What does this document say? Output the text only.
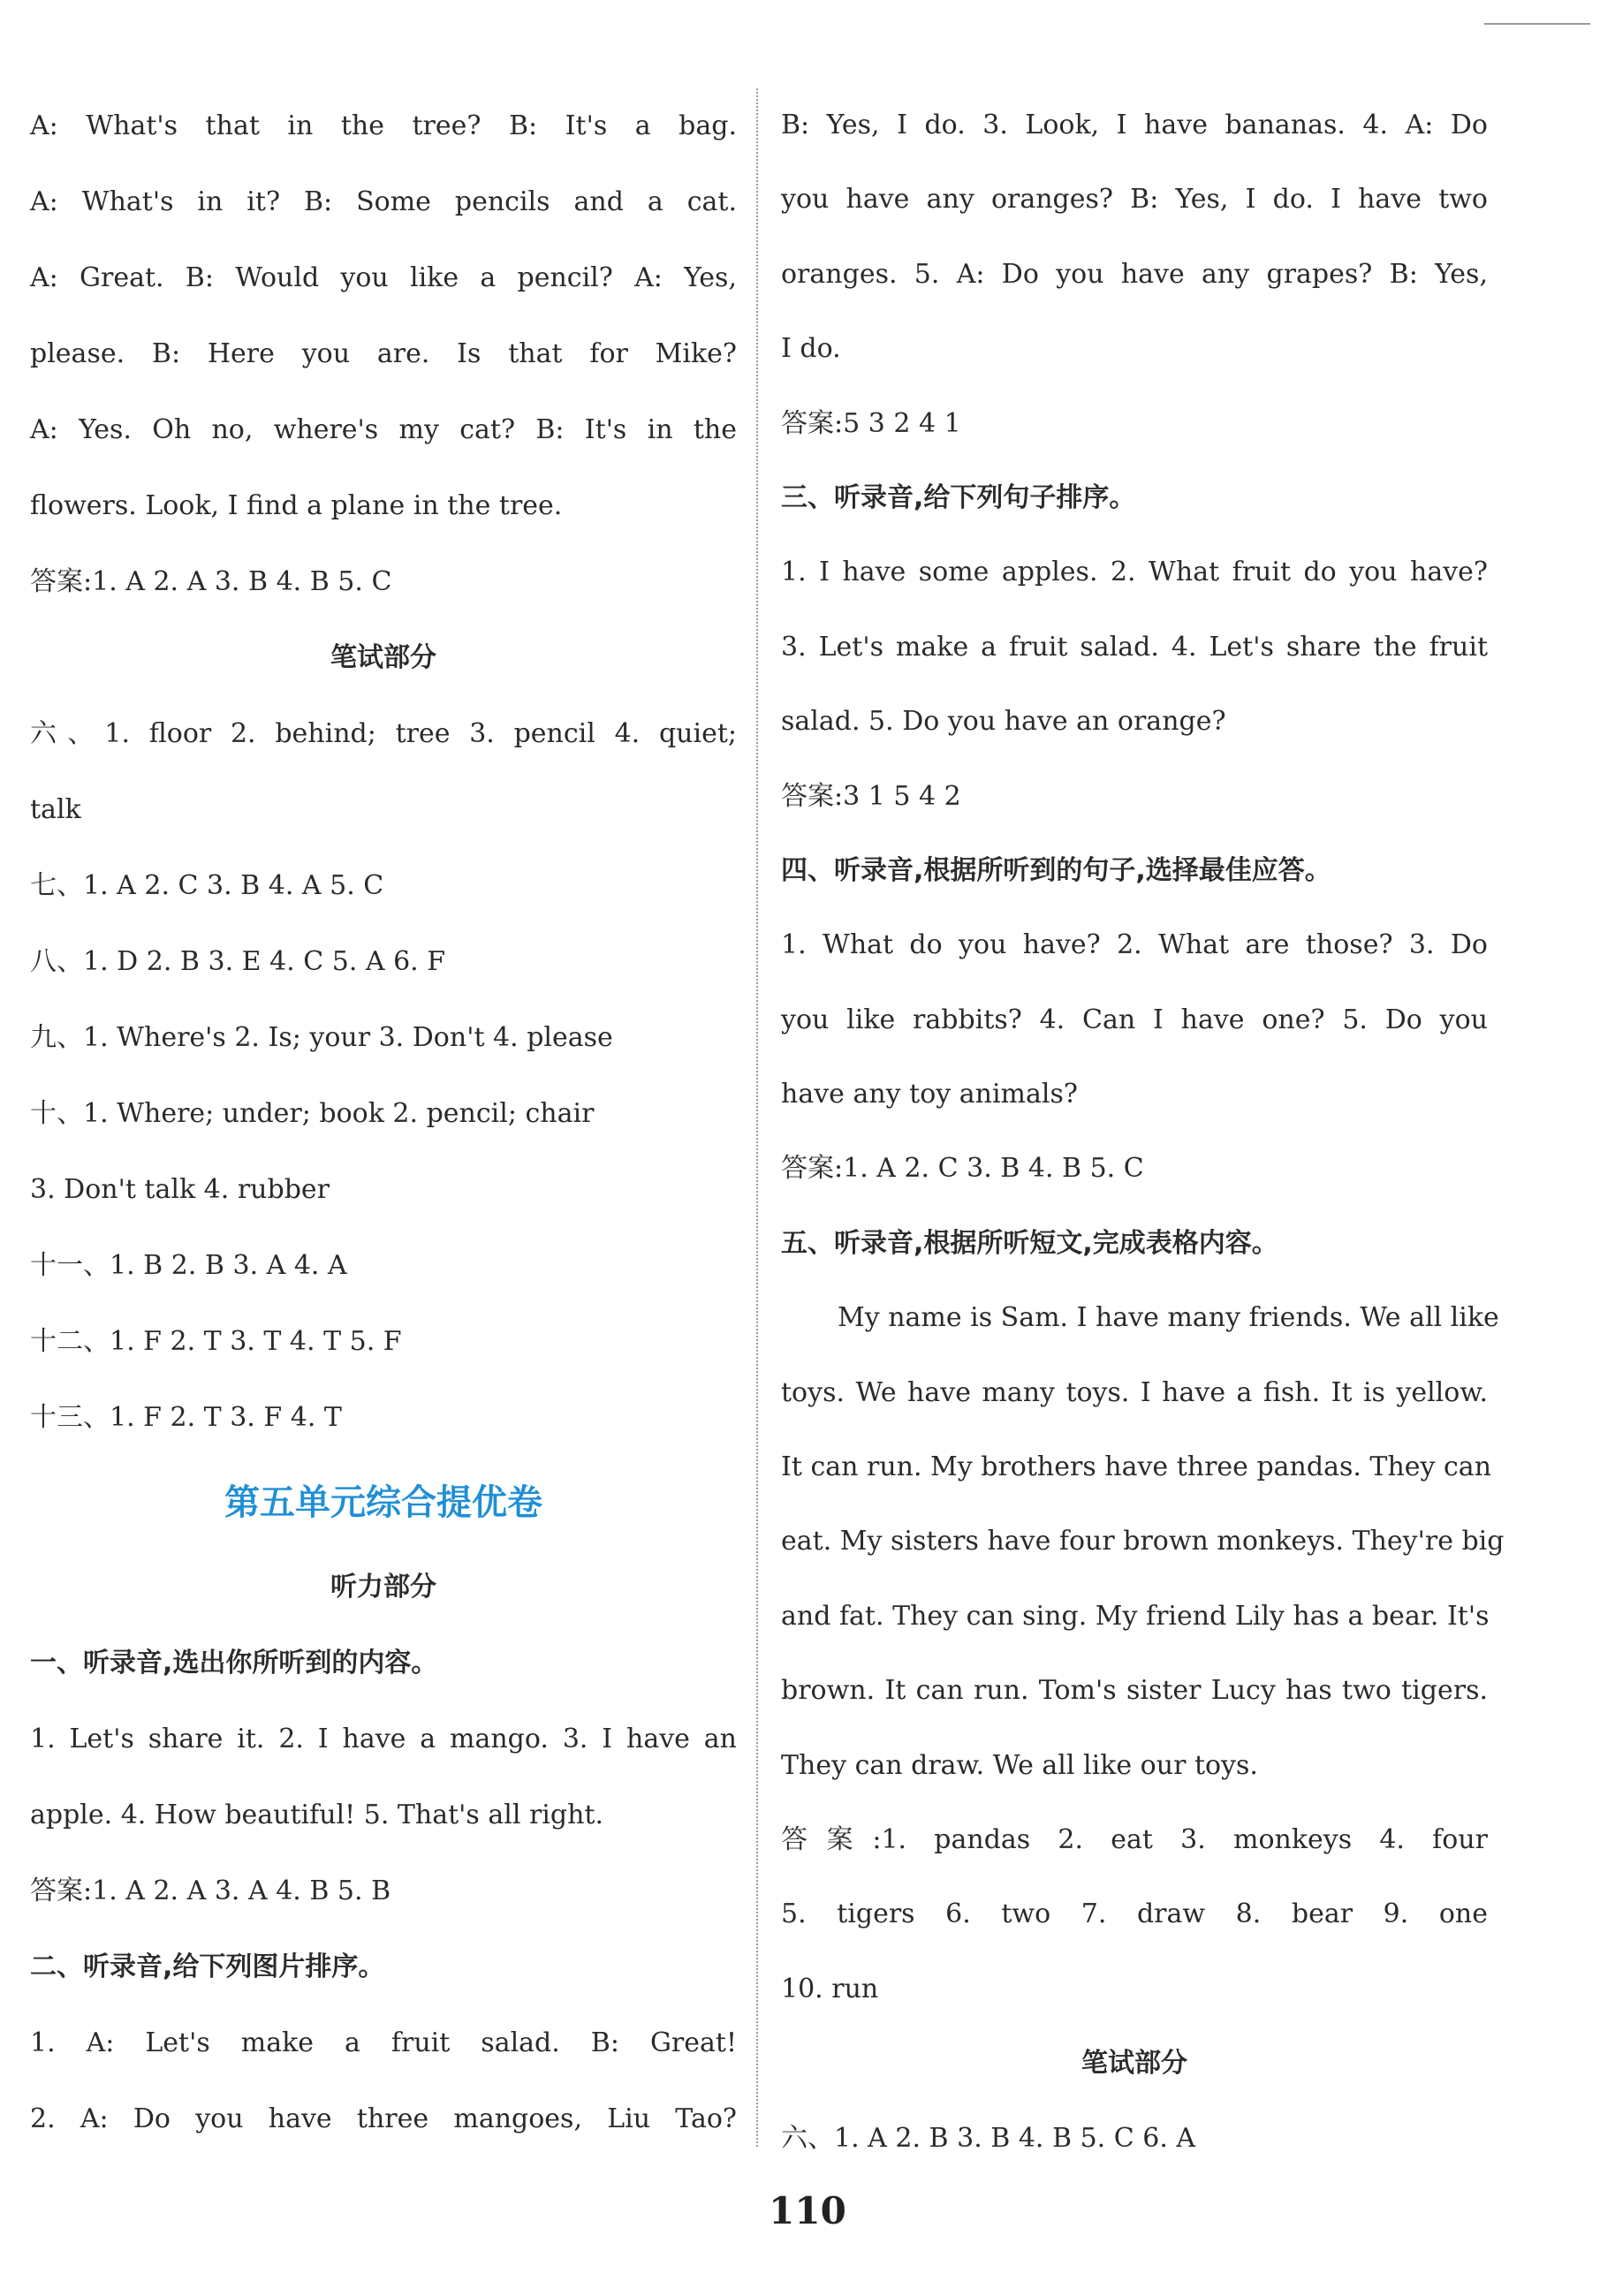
A: What's that in the tree? B: It's a bag.
A: What's in it? B: Some pencils and a cat.
A: Great. B: Would you like a pencil? A: Yes,
please. B: Here you are. Is that for Mike?
A: Yes. Oh no, where's my cat? B: It's in the
flowers. Look, I find a plane in the tree.
答案:1. A 2. A 3. B 4. B 5. C
笔试部分
六、1. floor 2. behind; tree 3. pencil 4. quiet;
talk
七、1. A 2. C 3. B 4. A 5. C
八、1. D 2. B 3. E 4. C 5. A 6. F
九、1. Where's 2. Is; your 3. Don't 4. please
十、1. Where; under; book 2. pencil; chair
3. Don't talk 4. rubber
十一、1. B 2. B 3. A 4. A
十二、1. F 2. T 3. T 4. T 5. F
十三、1. F 2. T 3. F 4. T
第五单元综合提优卷
听力部分
一、听录音,选出你所听到的内容。
1. Let's share it. 2. I have a mango. 3. I have an
apple. 4. How beautiful! 5. That's all right.
答案:1. A 2. A 3. A 4. B 5. B
二、听录音,给下列图片排序。
1. A: Let's make a fruit salad. B: Great!
2. A: Do you have three mangoes, Liu Tao?
B: Yes, I do. 3. Look, I have bananas. 4. A: Do
you have any oranges? B: Yes, I do. I have two
oranges. 5. A: Do you have any grapes? B: Yes,
I do.
答案:5 3 2 4 1
三、听录音,给下列句子排序。
1. I have some apples. 2. What fruit do you have?
3. Let's make a fruit salad. 4. Let's share the fruit
salad. 5. Do you have an orange?
答案:3 1 5 4 2
四、听录音,根据所听到的句子,选择最佳应答。
1. What do you have? 2. What are those? 3. Do
you like rabbits? 4. Can I have one? 5. Do you
have any toy animals?
答案:1. A 2. C 3. B 4. B 5. C
五、听录音,根据所听短文,完成表格内容。
My name is Sam. I have many friends. We all like
toys. We have many toys. I have a fish. It is yellow.
It can run. My brothers have three pandas. They can
eat. My sisters have four brown monkeys. They're big
and fat. They can sing. My friend Lily has a bear. It's
brown. It can run. Tom's sister Lucy has two tigers.
They can draw. We all like our toys.
答案:1. pandas 2. eat 3. monkeys 4. four
5. tigers 6. two 7. draw 8. bear 9. one
10. run
笔试部分
六、1. A 2. B 3. B 4. B 5. C 6. A
110
